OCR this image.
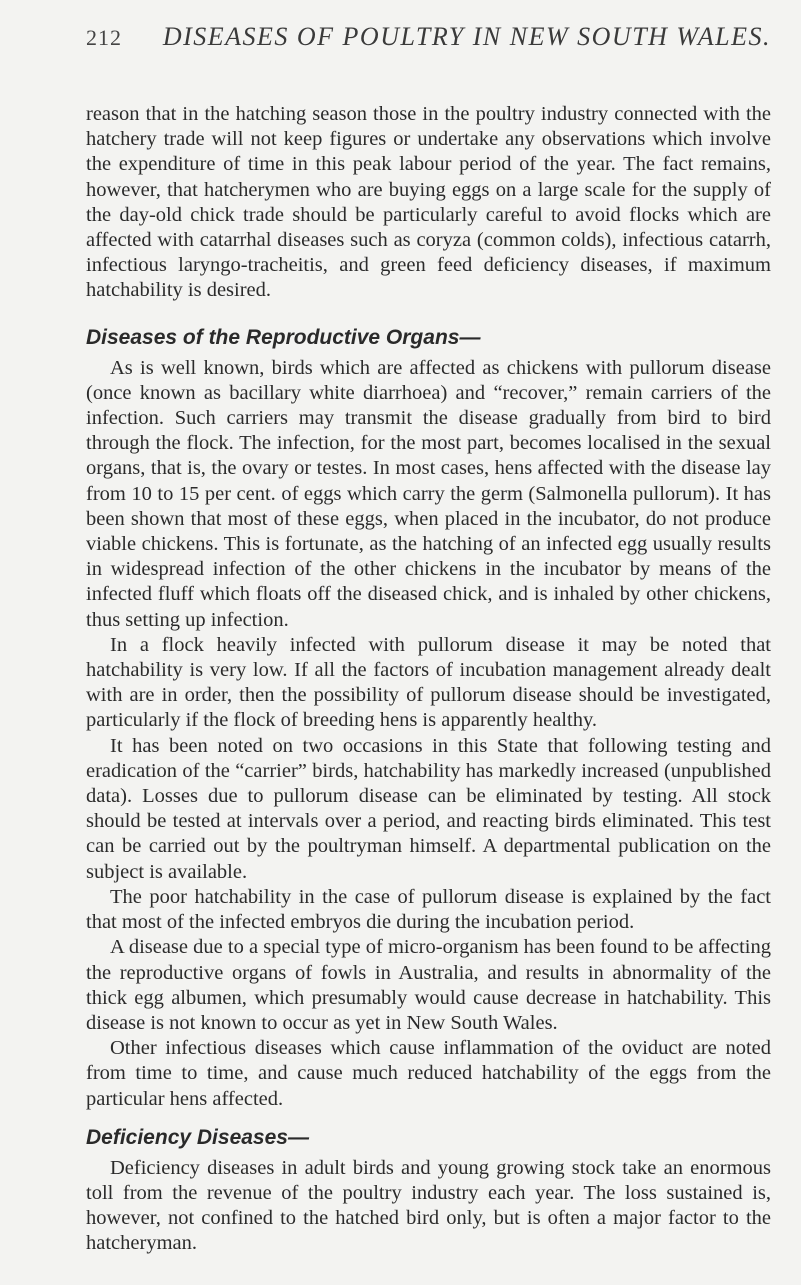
212	DISEASES OF POULTRY IN NEW SOUTH WALES.

reason that in the hatching season those in the poultry industry connected with the hatchery trade will not keep figures or undertake any observations which involve the expenditure of time in this peak labour period of the year. The fact remains, however, that hatcherymen who are buying eggs on a large scale for the supply of the day-old chick trade should be particularly careful to avoid flocks which are affected with catarrhal diseases such as coryza (common colds), infectious catarrh, infectious laryngo-tracheitis, and green feed deficiency diseases, if maximum hatchability is desired.

Diseases of the Reproductive Organs—

As is well known, birds which are affected as chickens with pullorum disease (once known as bacillary white diarrhoea) and “recover,” remain carriers of the infection. Such carriers may transmit the disease gradually from bird to bird through the flock. The infection, for the most part, becomes localised in the sexual organs, that is, the ovary or testes. In most cases, hens affected with the disease lay from 10 to 15 per cent. of eggs which carry the germ (Salmonella pullorum). It has been shown that most of these eggs, when placed in the incubator, do not produce viable chickens. This is fortunate, as the hatching of an infected egg usually results in widespread infection of the other chickens in the incubator by means of the infected fluff which floats off the diseased chick, and is inhaled by other chickens, thus setting up infection.

In a flock heavily infected with pullorum disease it may be noted that hatchability is very low. If all the factors of incubation management already dealt with are in order, then the possibility of pullorum disease should be investigated, particularly if the flock of breeding hens is apparently healthy.

It has been noted on two occasions in this State that following testing and eradication of the “carrier” birds, hatchability has markedly increased (unpublished data). Losses due to pullorum disease can be eliminated by testing. All stock should be tested at intervals over a period, and reacting birds eliminated. This test can be carried out by the poultryman himself. A departmental publication on the subject is available.

The poor hatchability in the case of pullorum disease is explained by the fact that most of the infected embryos die during the incubation period.

A disease due to a special type of micro-organism has been found to be affecting the reproductive organs of fowls in Australia, and results in abnormality of the thick egg albumen, which presumably would cause decrease in hatchability. This disease is not known to occur as yet in New South Wales.

Other infectious diseases which cause inflammation of the oviduct are noted from time to time, and cause much reduced hatchability of the eggs from the particular hens affected.

Deficiency Diseases—

Deficiency diseases in adult birds and young growing stock take an enormous toll from the revenue of the poultry industry each year. The loss sustained is, however, not confined to the hatched bird only, but is often a major factor to the hatcheryman.
